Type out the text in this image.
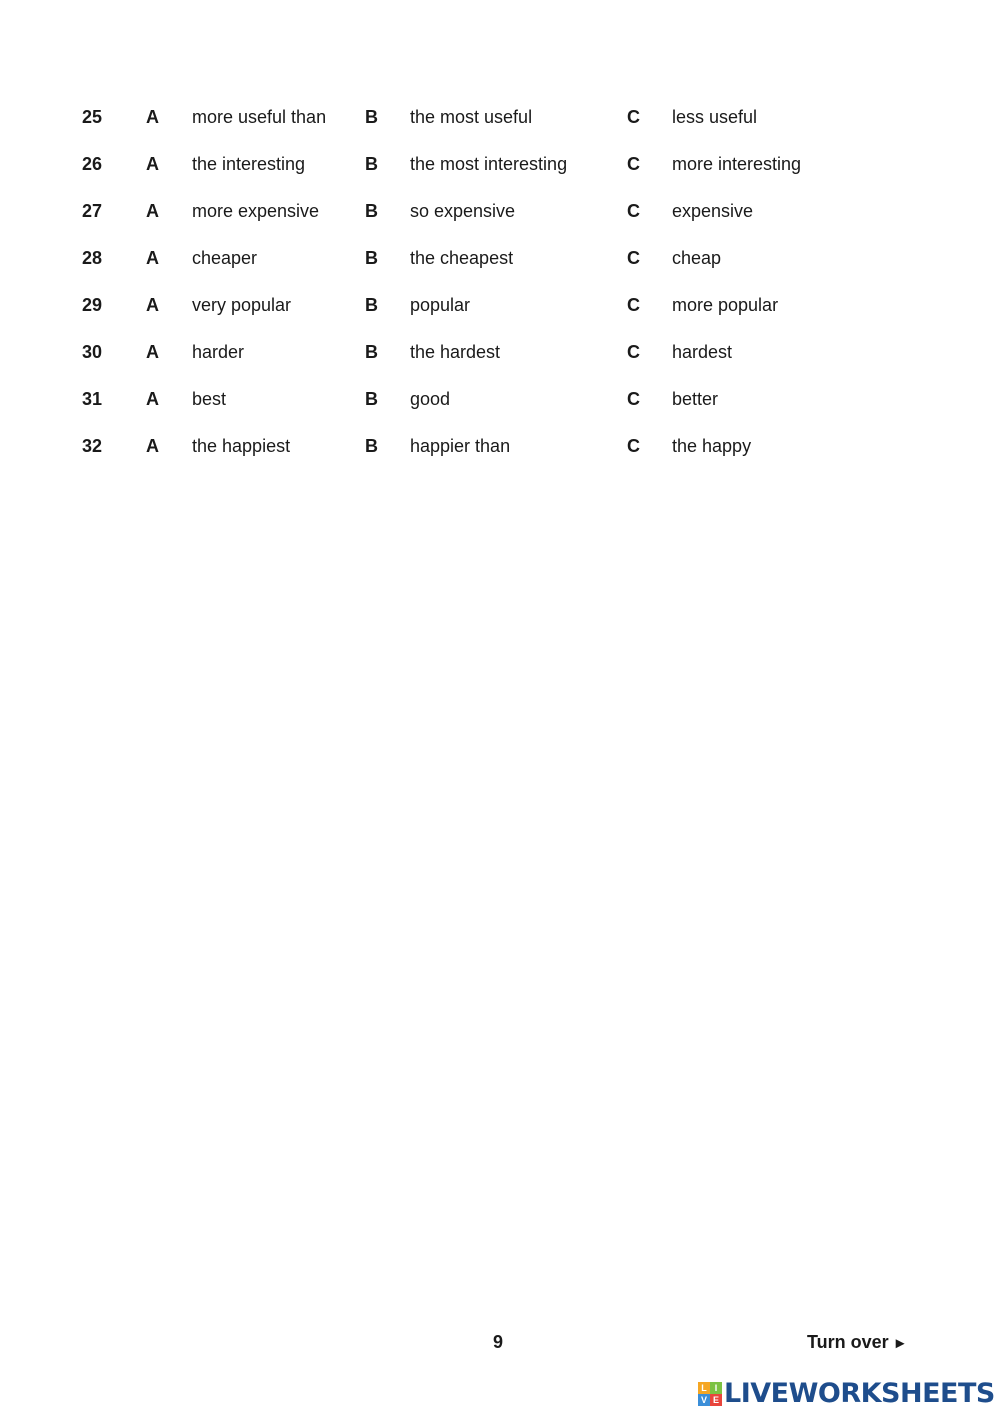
25 A more useful than B the most useful	C less useful
26 A the interesting	B the most interesting	C more interesting
27 A more expensive	B so expensive	C expensive
28 A cheaper	B the cheapest	C cheap
29 A very popular	B popular	C more popular
30 A harder	B the hardest	C hardest
31 A best	B good	C better
32 A the happiest	B happier than	C the happy
9	Turn over ►
L I
V E LIVEWORKSHEETS
